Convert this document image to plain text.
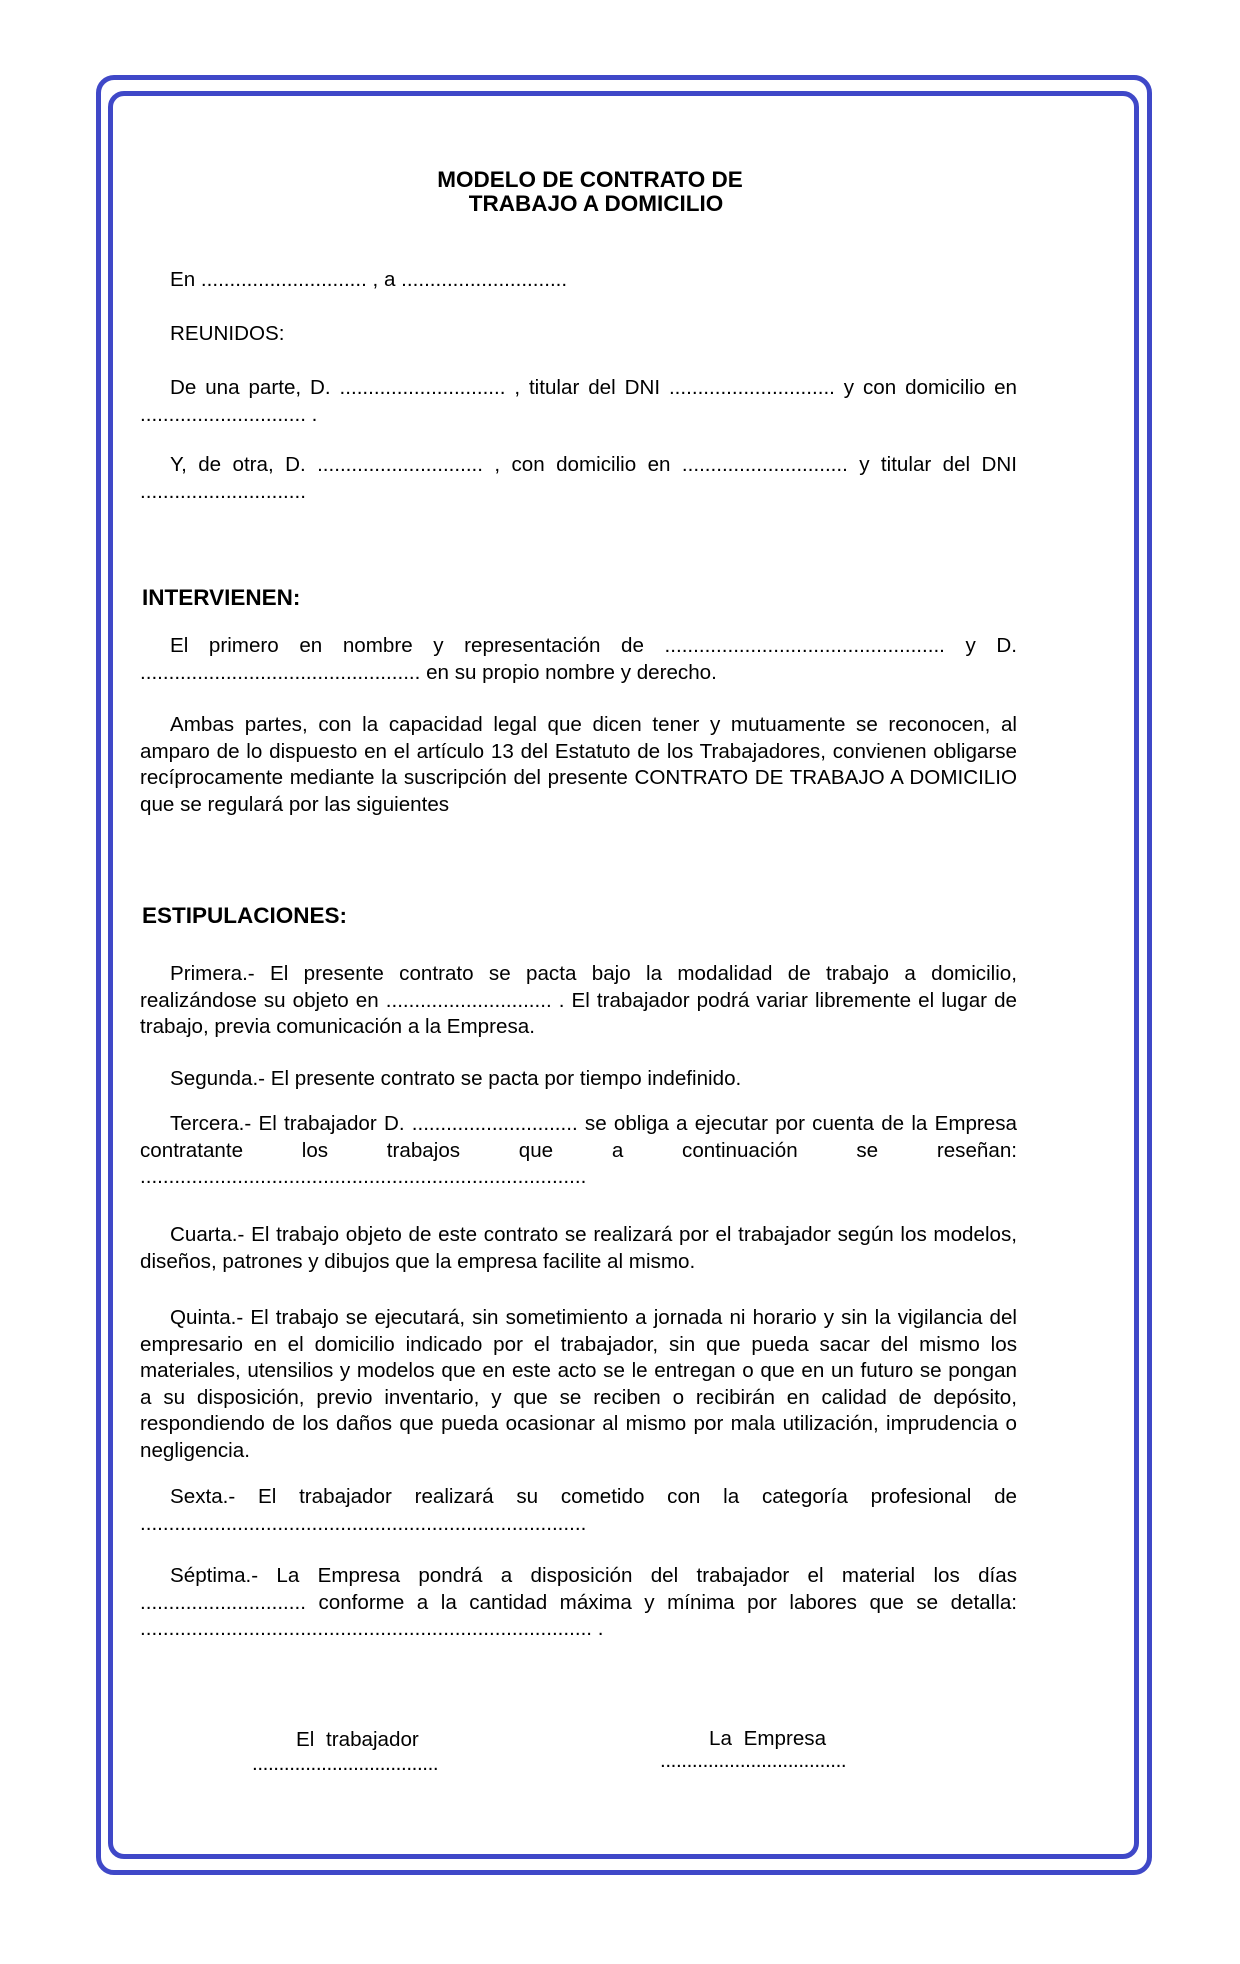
MODELO DE CONTRATO DE
TRABAJO A DOMICILIO
En ............................. , a .............................
REUNIDOS:
De una parte, D. ............................. , titular del DNI ............................. y con domicilio en ............................. .
Y, de otra, D. ............................. , con domicilio en ............................. y titular del DNI .............................
INTERVIENEN:
El primero en nombre y representación de ................................................. y D. ................................................. en su propio nombre y derecho.
Ambas partes, con la capacidad legal que dicen tener y mutuamente se reconocen, al amparo de lo dispuesto en el artículo 13 del Estatuto de los Trabajadores, convienen obligarse recíprocamente mediante la suscripción del presente CONTRATO DE TRABAJO A DOMICILIO que se regulará por las siguientes
ESTIPULACIONES:
Primera.- El presente contrato se pacta bajo la modalidad de trabajo a domicilio, realizándose su objeto en ............................. . El trabajador podrá variar libremente el lugar de trabajo, previa comunicación a la Empresa.
Segunda.- El presente contrato se pacta por tiempo indefinido.
Tercera.- El trabajador D. ............................. se obliga a ejecutar por cuenta de la Empresa contratante los trabajos que a continuación se reseñan: ..............................................................................
Cuarta.- El trabajo objeto de este contrato se realizará por el trabajador según los modelos, diseños, patrones y dibujos que la empresa facilite al mismo.
Quinta.- El trabajo se ejecutará, sin sometimiento a jornada ni horario y sin la vigilancia del empresario en el domicilio indicado por el trabajador, sin que pueda sacar del mismo los materiales, utensilios y modelos que en este acto se le entregan o que en un futuro se pongan a su disposición, previo inventario, y que se reciben o recibirán en calidad de depósito, respondiendo de los daños que pueda ocasionar al mismo por mala utilización, imprudencia o negligencia.
Sexta.- El trabajador realizará su cometido con la categoría profesional de ..............................................................................
Séptima.- La Empresa pondrá a disposición del trabajador el material los días ............................. conforme a la cantidad máxima y mínima por labores que se detalla: ............................................................................... .
El trabajador
...................................
La Empresa
...................................
